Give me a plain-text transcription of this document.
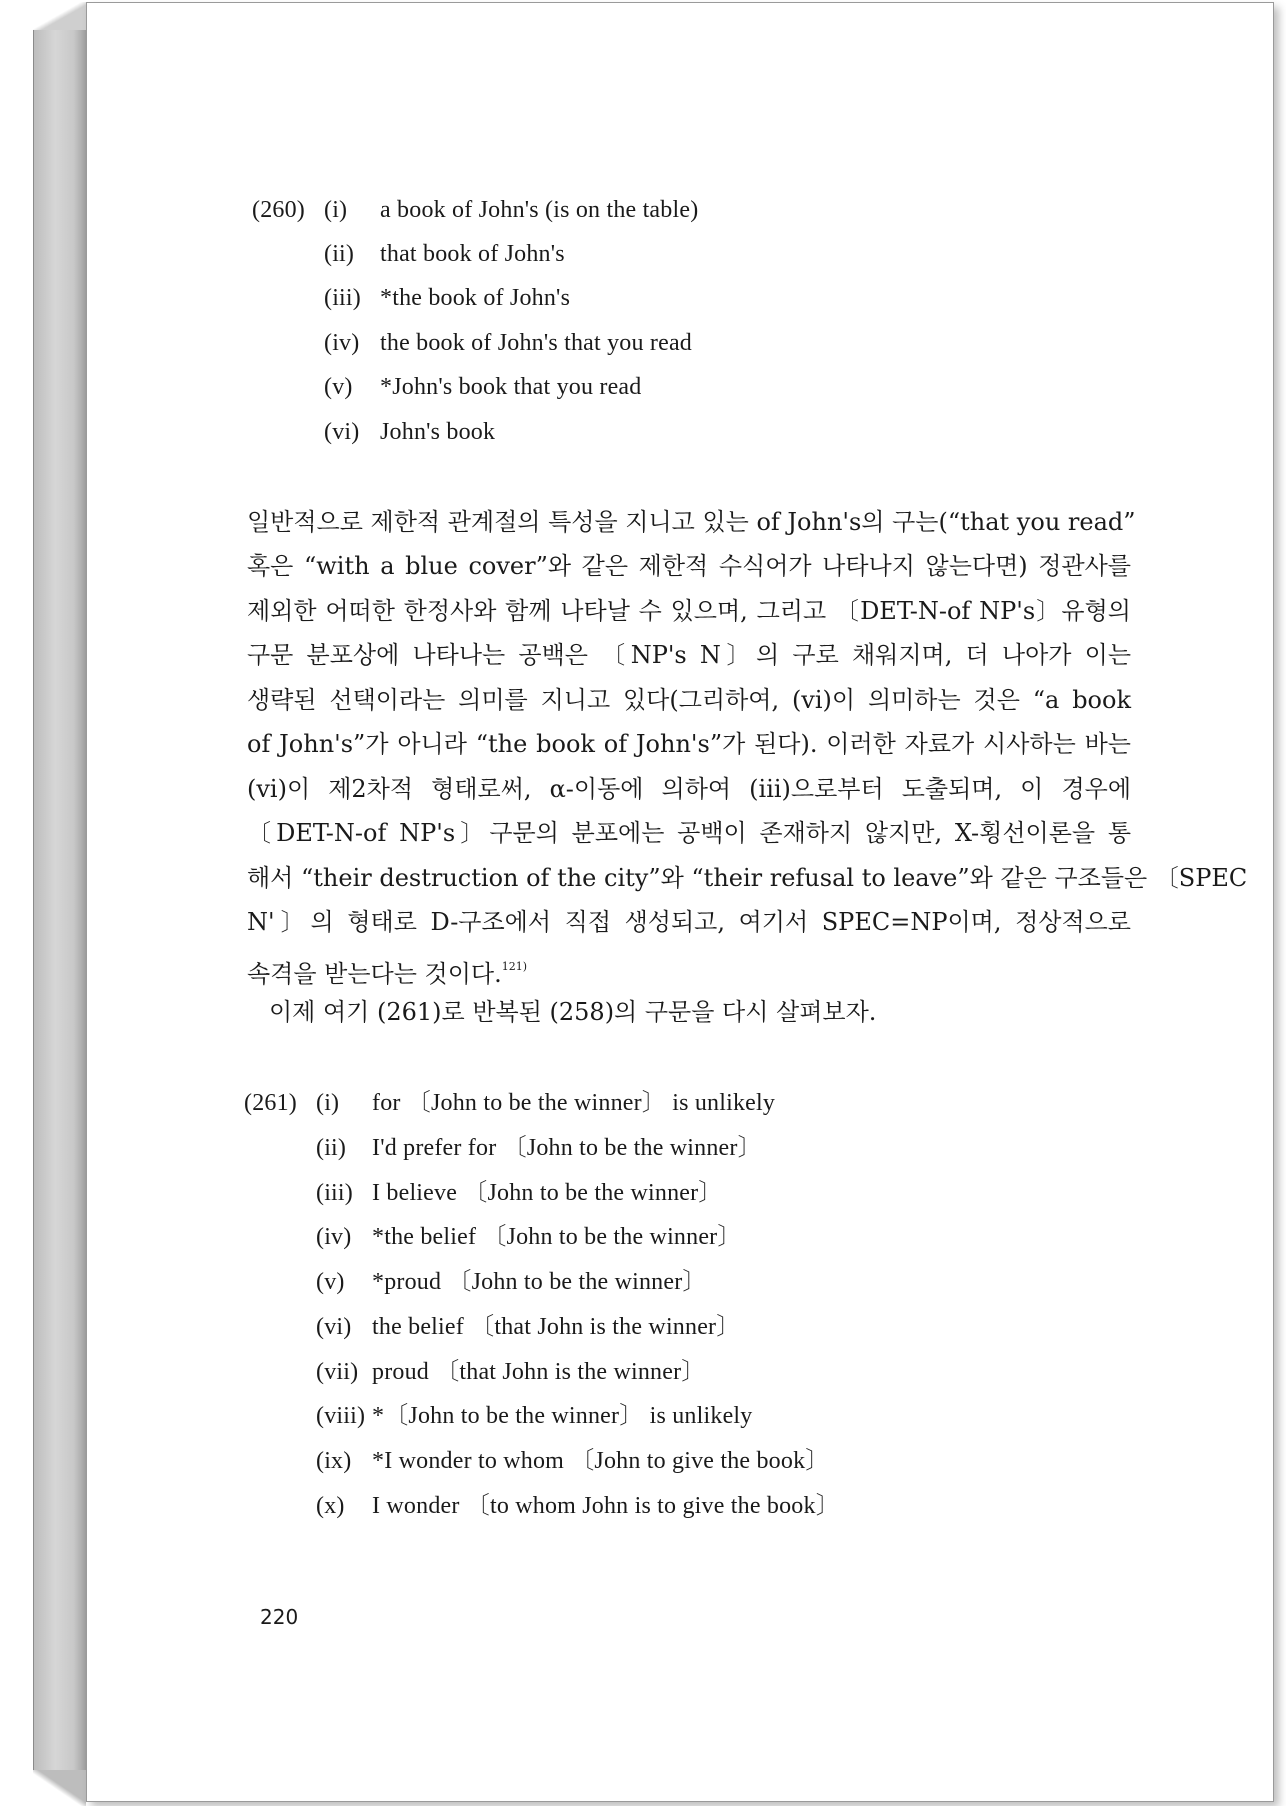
(260) (i) a book of John's (is on the table)
(ii) that book of John's
(iii) *the book of John's
(iv) the book of John's that you read
(v) *John's book that you read
(vi) John's book
일반적으로 제한적 관계절의 특성을 지니고 있는 of John's의 구는(“that you read”
혹은 “with a blue cover”와 같은 제한적 수식어가 나타나지 않는다면) 정관사를
제외한 어떠한 한정사와 함께 나타날 수 있으며, 그리고 〔DET-N-of NP's〕유형의
구문 분포상에 나타나는 공백은 〔NP's N〕의 구로 채워지며, 더 나아가 이는
생략된 선택이라는 의미를 지니고 있다(그리하여, (vi)이 의미하는 것은 “a book
of John's”가 아니라 “the book of John's”가 된다). 이러한 자료가 시사하는 바는
(vi)이 제2차적 형태로써, α-이동에 의하여 (iii)으로부터 도출되며, 이 경우에
〔DET-N-of NP's〕구문의 분포에는 공백이 존재하지 않지만, X-횡선이론을 통
해서 “their destruction of the city”와 “their refusal to leave”와 같은 구조들은 〔SPEC
N'〕의 형태로 D-구조에서 직접 생성되고, 여기서 SPEC=NP이며, 정상적으로
속격을 받는다는 것이다.$^{121)}$
이제 여기 (261)로 반복된 (258)의 구문을 다시 살펴보자.
(261) (i) for 〔John to be the winner〕 is unlikely
(ii) I'd prefer for 〔John to be the winner〕
(iii) I believe 〔John to be the winner〕
(iv) *the belief 〔John to be the winner〕
(v) *proud 〔John to be the winner〕
(vi) the belief 〔that John is the winner〕
(vii) proud 〔that John is the winner〕
(viii) *〔John to be the winner〕 is unlikely
(ix) *I wonder to whom 〔John to give the book〕
(x) I wonder 〔to whom John is to give the book〕
220
